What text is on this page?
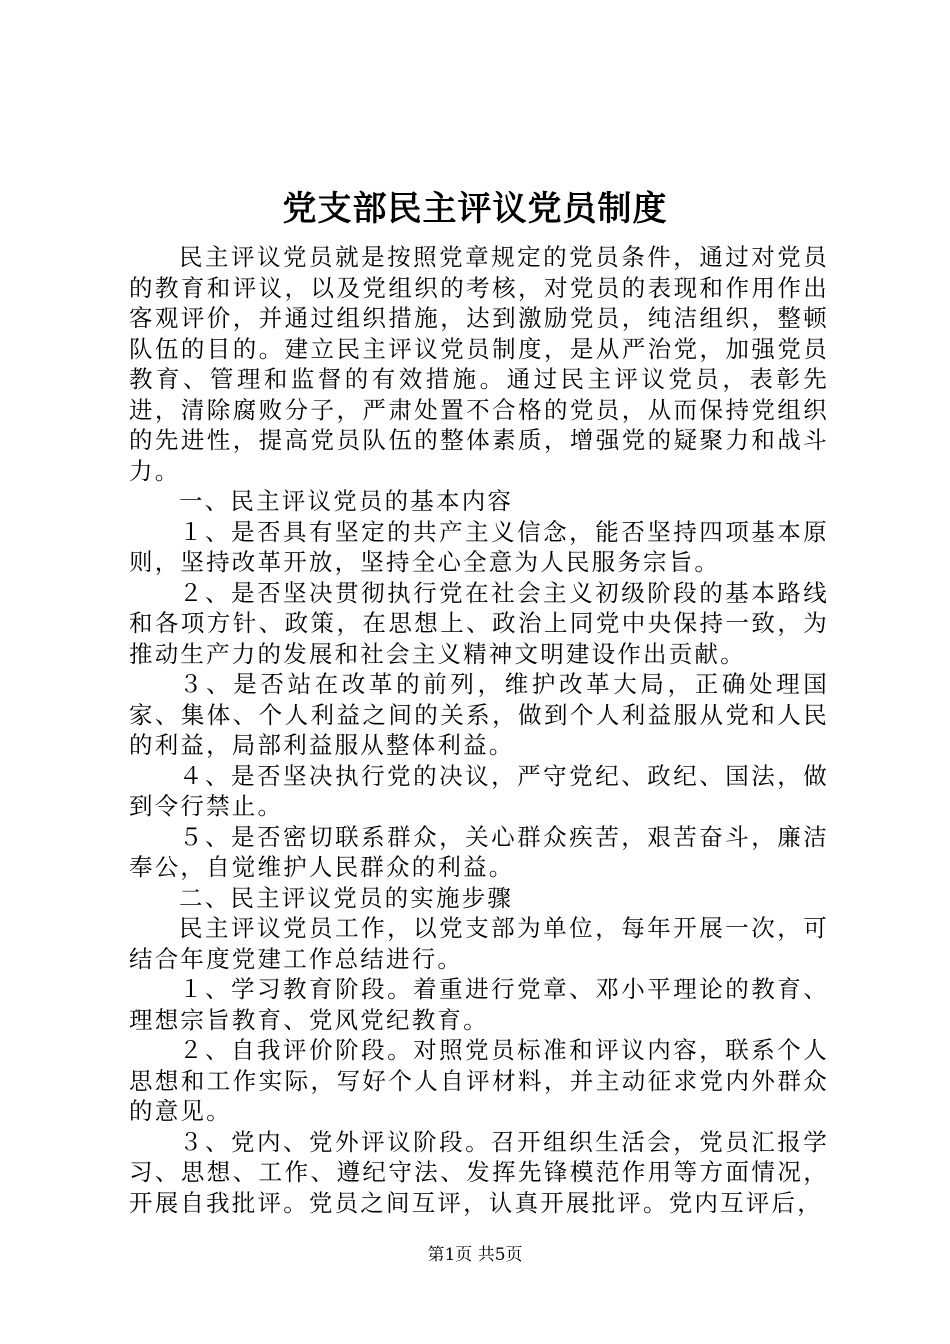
党支部民主评议党员制度

民主评议党员就是按照党章规定的党员条件，通过对党员的教育和评议，以及党组织的考核，对党员的表现和作用作出客观评价，并通过组织措施，达到激励党员，纯洁组织，整顿队伍的目的。建立民主评议党员制度，是从严治党，加强党员教育、管理和监督的有效措施。通过民主评议党员，表彰先进，清除腐败分子，严肃处置不合格的党员，从而保持党组织的先进性，提高党员队伍的整体素质，增强党的疑聚力和战斗力。

一、民主评议党员的基本内容

１、是否具有坚定的共产主义信念，能否坚持四项基本原则，坚持改革开放，坚持全心全意为人民服务宗旨。

２、是否坚决贯彻执行党在社会主义初级阶段的基本路线和各项方针、政策，在思想上、政治上同党中央保持一致，为推动生产力的发展和社会主义精神文明建设作出贡献。

３、是否站在改革的前列，维护改革大局，正确处理国家、集体、个人利益之间的关系，做到个人利益服从党和人民的利益，局部利益服从整体利益。

４、是否坚决执行党的决议，严守党纪、政纪、国法，做到令行禁止。

５、是否密切联系群众，关心群众疾苦，艰苦奋斗，廉洁奉公，自觉维护人民群众的利益。

二、民主评议党员的实施步骤

民主评议党员工作，以党支部为单位，每年开展一次，可结合年度党建工作总结进行。

１、学习教育阶段。着重进行党章、邓小平理论的教育、理想宗旨教育、党风党纪教育。

２、自我评价阶段。对照党员标准和评议内容，联系个人思想和工作实际，写好个人自评材料，并主动征求党内外群众的意见。

３、党内、党外评议阶段。召开组织生活会，党员汇报学习、思想、工作、遵纪守法、发挥先锋模范作用等方面情况，开展自我批评。党员之间互评，认真开展批评。党内互评后，

第1页 共5页
